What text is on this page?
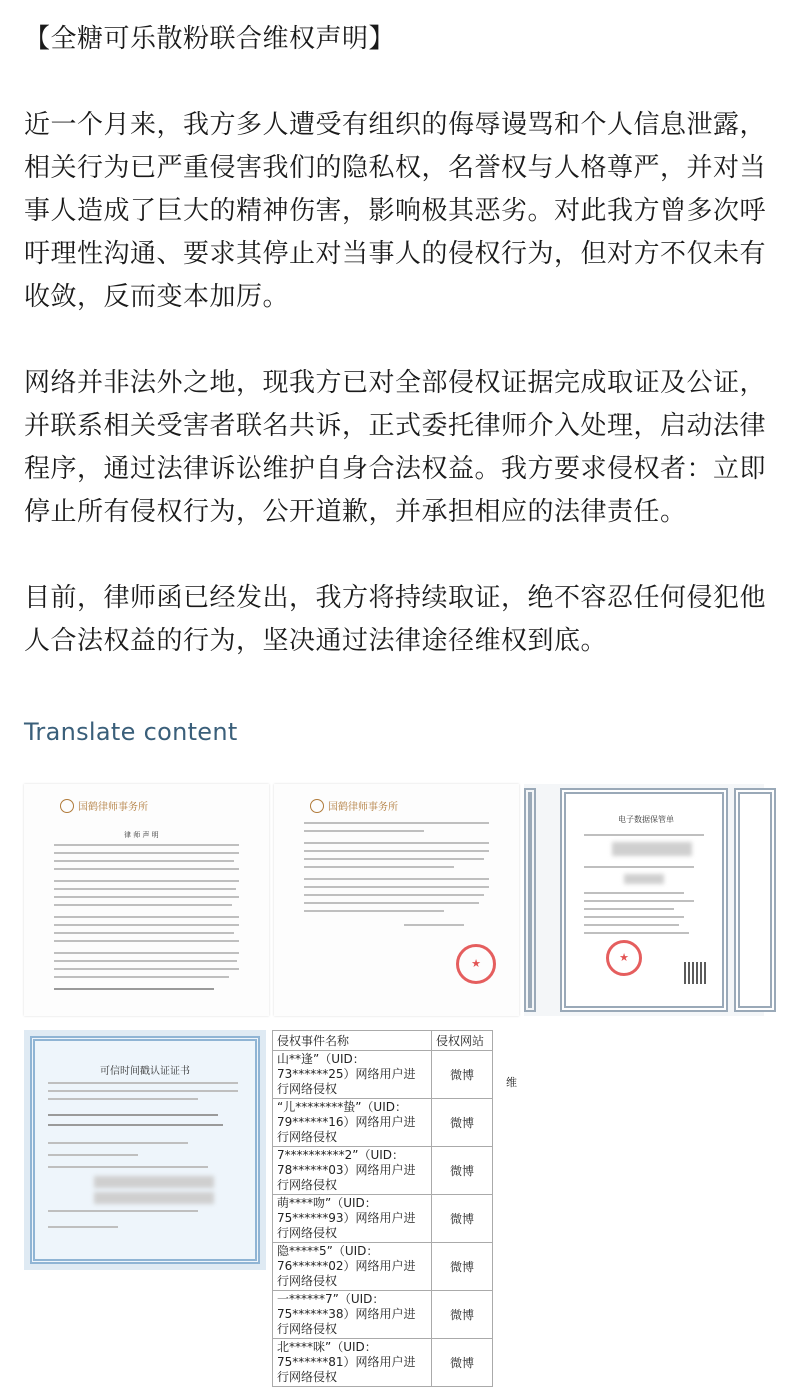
【全糖可乐散粉联合维权声明】

近一个月来，我方多人遭受有组织的侮辱谩骂和个人信息泄露，相关行为已严重侵害我们的隐私权，名誉权与人格尊严，并对当事人造成了巨大的精神伤害，影响极其恶劣。对此我方曾多次呼吁理性沟通、要求其停止对当事人的侵权行为，但对方不仅未有收敛，反而变本加厉。

网络并非法外之地，现我方已对全部侵权证据完成取证及公证，并联系相关受害者联名共诉，正式委托律师介入处理，启动法律程序，通过法律诉讼维护自身合法权益。我方要求侵权者：立即停止所有侵权行为，公开道歉，并承担相应的法律责任。

目前，律师函已经发出，我方将持续取证，绝不容忍任何侵犯他人合法权益的行为，坚决通过法律途径维权到底。

Translate content
国鹤律师事务所
律 师 声 明
国鹤律师事务所
★
电子数据保管单
★
可信时间戳认证证书
侵权事件名称	侵权网站
山**逢”（UID：73******25）网络用户进行网络侵权	微博
“儿********蛰”（UID：79******16）网络用户进行网络侵权	微博
7**********2”（UID：78******03）网络用户进行网络侵权	微博
萌****吻”（UID：75******93）网络用户进行网络侵权	微博
隐*****5”（UID：76******02）网络用户进行网络侵权	微博
一******7”（UID：75******38）网络用户进行网络侵权	微博
北****咪”（UID：75******81）网络用户进行网络侵权	微博
维
